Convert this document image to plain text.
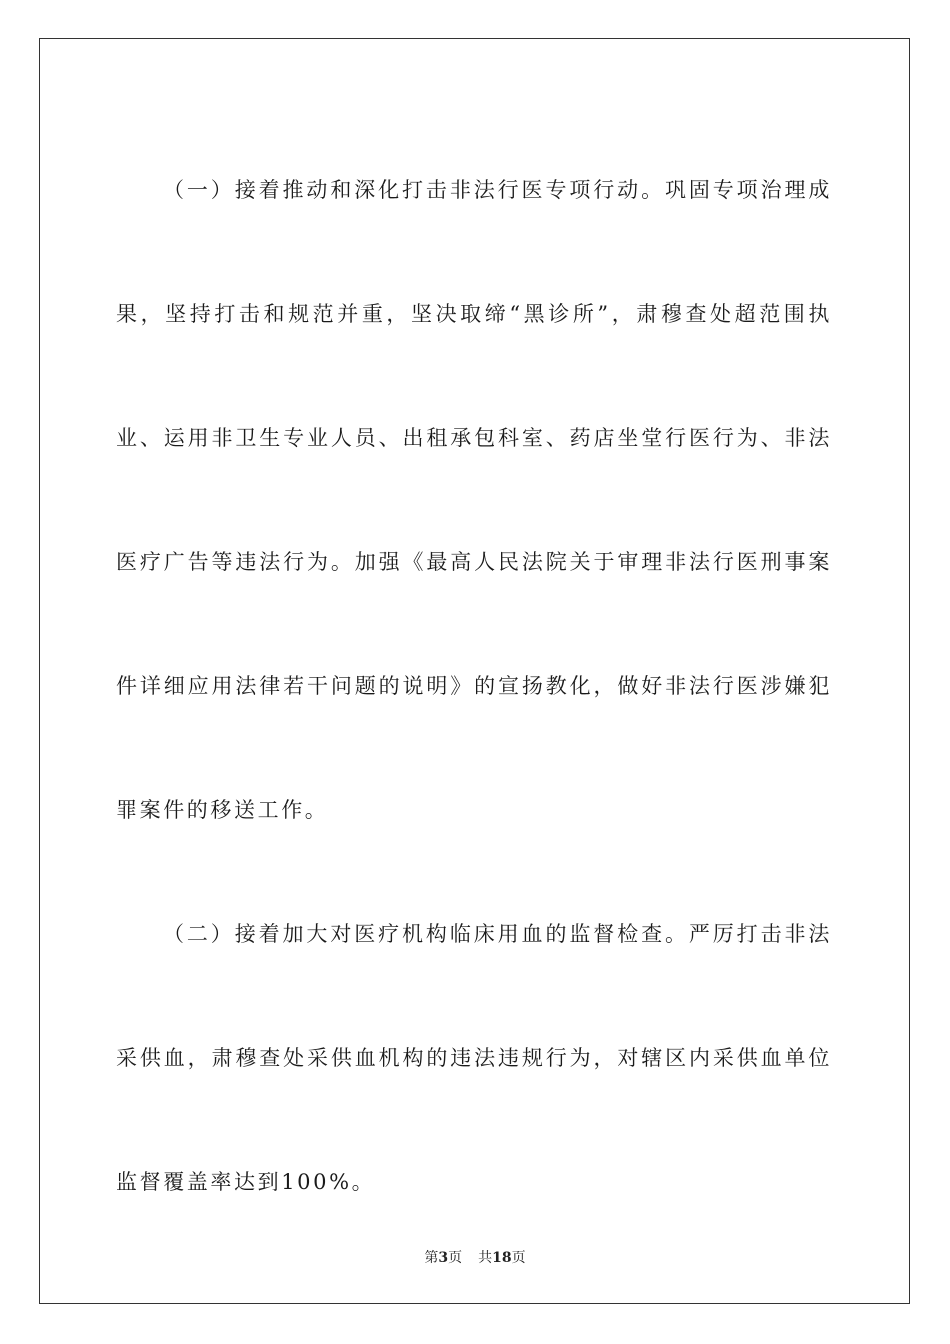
（一）接着推动和深化打击非法行医专项行动。巩固专项治理成果，坚持打击和规范并重，坚决取缔“黑诊所”，肃穆查处超范围执业、运用非卫生专业人员、出租承包科室、药店坐堂行医行为、非法医疗广告等违法行为。加强《最高人民法院关于审理非法行医刑事案件详细应用法律若干问题的说明》的宣扬教化，做好非法行医涉嫌犯罪案件的移送工作。

（二）接着加大对医疗机构临床用血的监督检查。严厉打击非法采供血，肃穆查处采供血机构的违法违规行为，对辖区内采供血单位监督覆盖率达到100%。

第3页 共18页
